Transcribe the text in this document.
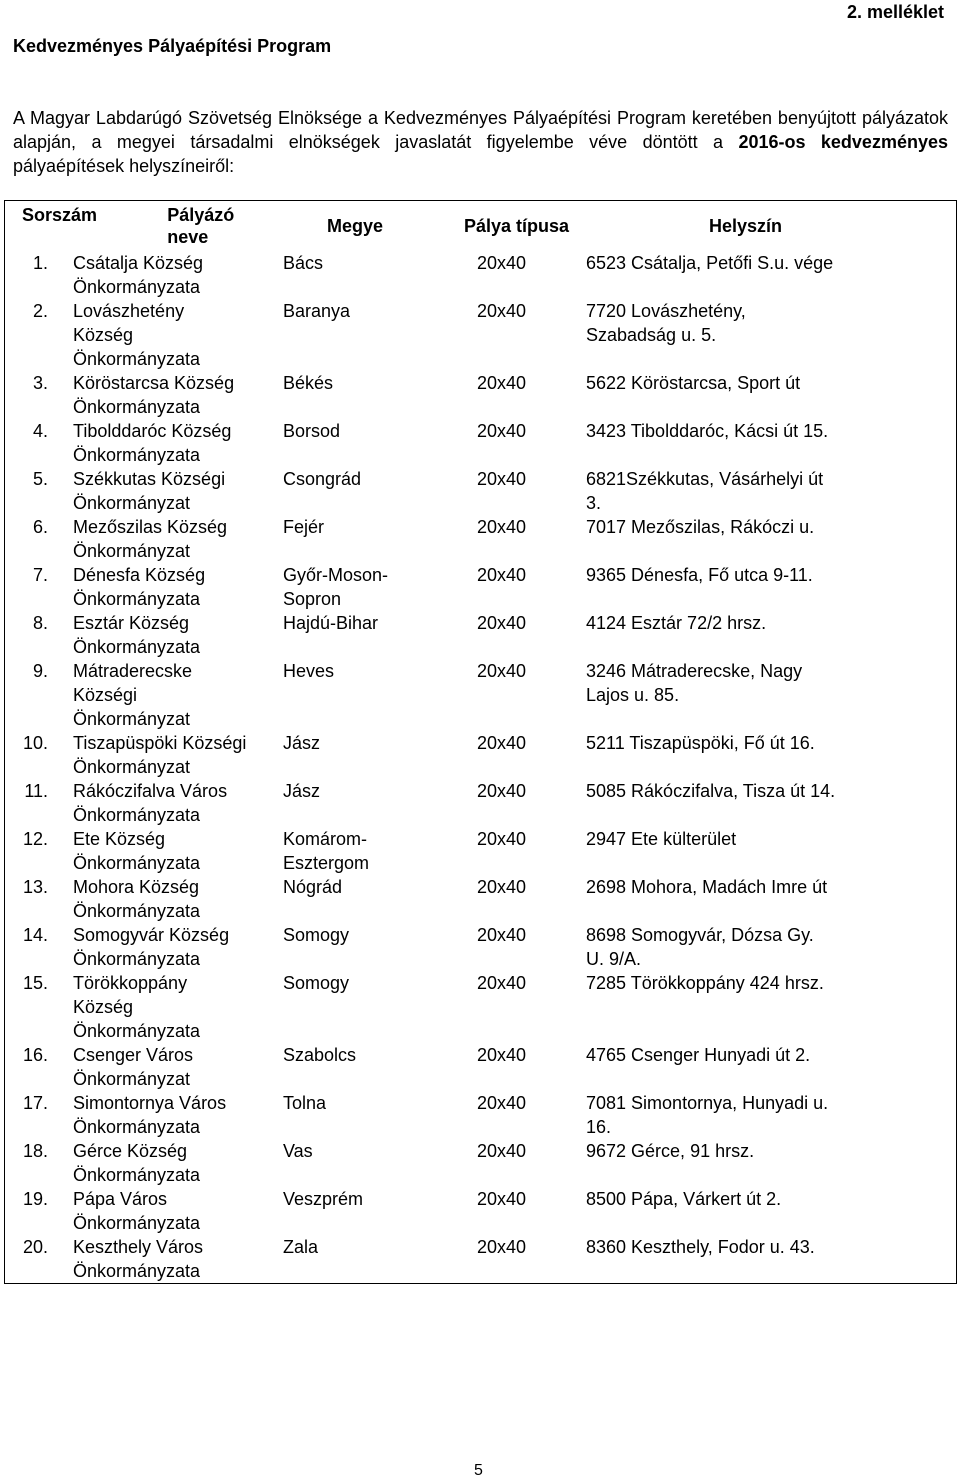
2. melléklet
Kedvezményes Pályaépítési Program
A Magyar Labdarúgó Szövetség Elnöksége a Kedvezményes Pályaépítési Program keretében benyújtott pályázatok alapján, a megyei társadalmi elnökségek javaslatát figyelembe véve döntött a 2016-os kedvezményes pályaépítések helyszíneiről:
Sorszám Pályázó neve		Megye	Pálya típusa	Helyszín

1.	Csátalja Község Önkormányzata	Bács	20x40	6523 Csátalja, Petőfi S.u. vége

2.	Lovászhetény Község Önkormányzata	Baranya	20x40	7720 Lovászhetény, Szabadság u. 5.

3.	Köröstarcsa Község Önkormányzata	Békés	20x40	5622 Köröstarcsa, Sport út

4.	Tibolddaróc Község Önkormányzata	Borsod	20x40	3423 Tibolddaróc, Kácsi út 15.

5.	Székkutas Községi Önkormányzat	Csongrád	20x40	6821Székkutas, Vásárhelyi út 3.

6.	Mezőszilas Község Önkormányzat	Fejér	20x40	7017 Mezőszilas, Rákóczi u.

7.	Dénesfa Község Önkormányzata	Győr-Moson-Sopron	20x40	9365 Dénesfa, Fő utca 9-11.

8.	Esztár Község Önkormányzata	Hajdú-Bihar	20x40	4124 Esztár 72/2 hrsz.

9.	Mátraderecske Községi Önkormányzat	Heves	20x40	3246 Mátraderecske, Nagy Lajos u. 85.

10.	Tiszapüspöki Községi Önkormányzat	Jász	20x40	5211 Tiszapüspöki, Fő út 16.

11.	Rákóczifalva Város Önkormányzata	Jász	20x40	5085 Rákóczifalva, Tisza út 14.

12.	Ete Község Önkormányzata	Komárom-Esztergom	20x40	2947 Ete külterület

13.	Mohora Község Önkormányzata	Nógrád	20x40	2698 Mohora, Madách Imre út

14.	Somogyvár Község Önkormányzata	Somogy	20x40	8698 Somogyvár, Dózsa Gy. U. 9/A.

15.	Törökkoppány Község Önkormányzata	Somogy	20x40	7285 Törökkoppány 424 hrsz.

16.	Csenger Város Önkormányzat	Szabolcs	20x40	4765 Csenger Hunyadi út 2.

17.	Simontornya Város Önkormányzata	Tolna	20x40	7081 Simontornya, Hunyadi u. 16.

18.	Gérce Község Önkormányzata	Vas	20x40	9672 Gérce, 91 hrsz.

19.	Pápa Város Önkormányzata	Veszprém	20x40	8500 Pápa, Várkert út 2.

20.	Keszthely Város Önkormányzata	Zala	20x40	8360 Keszthely, Fodor u. 43.
5
